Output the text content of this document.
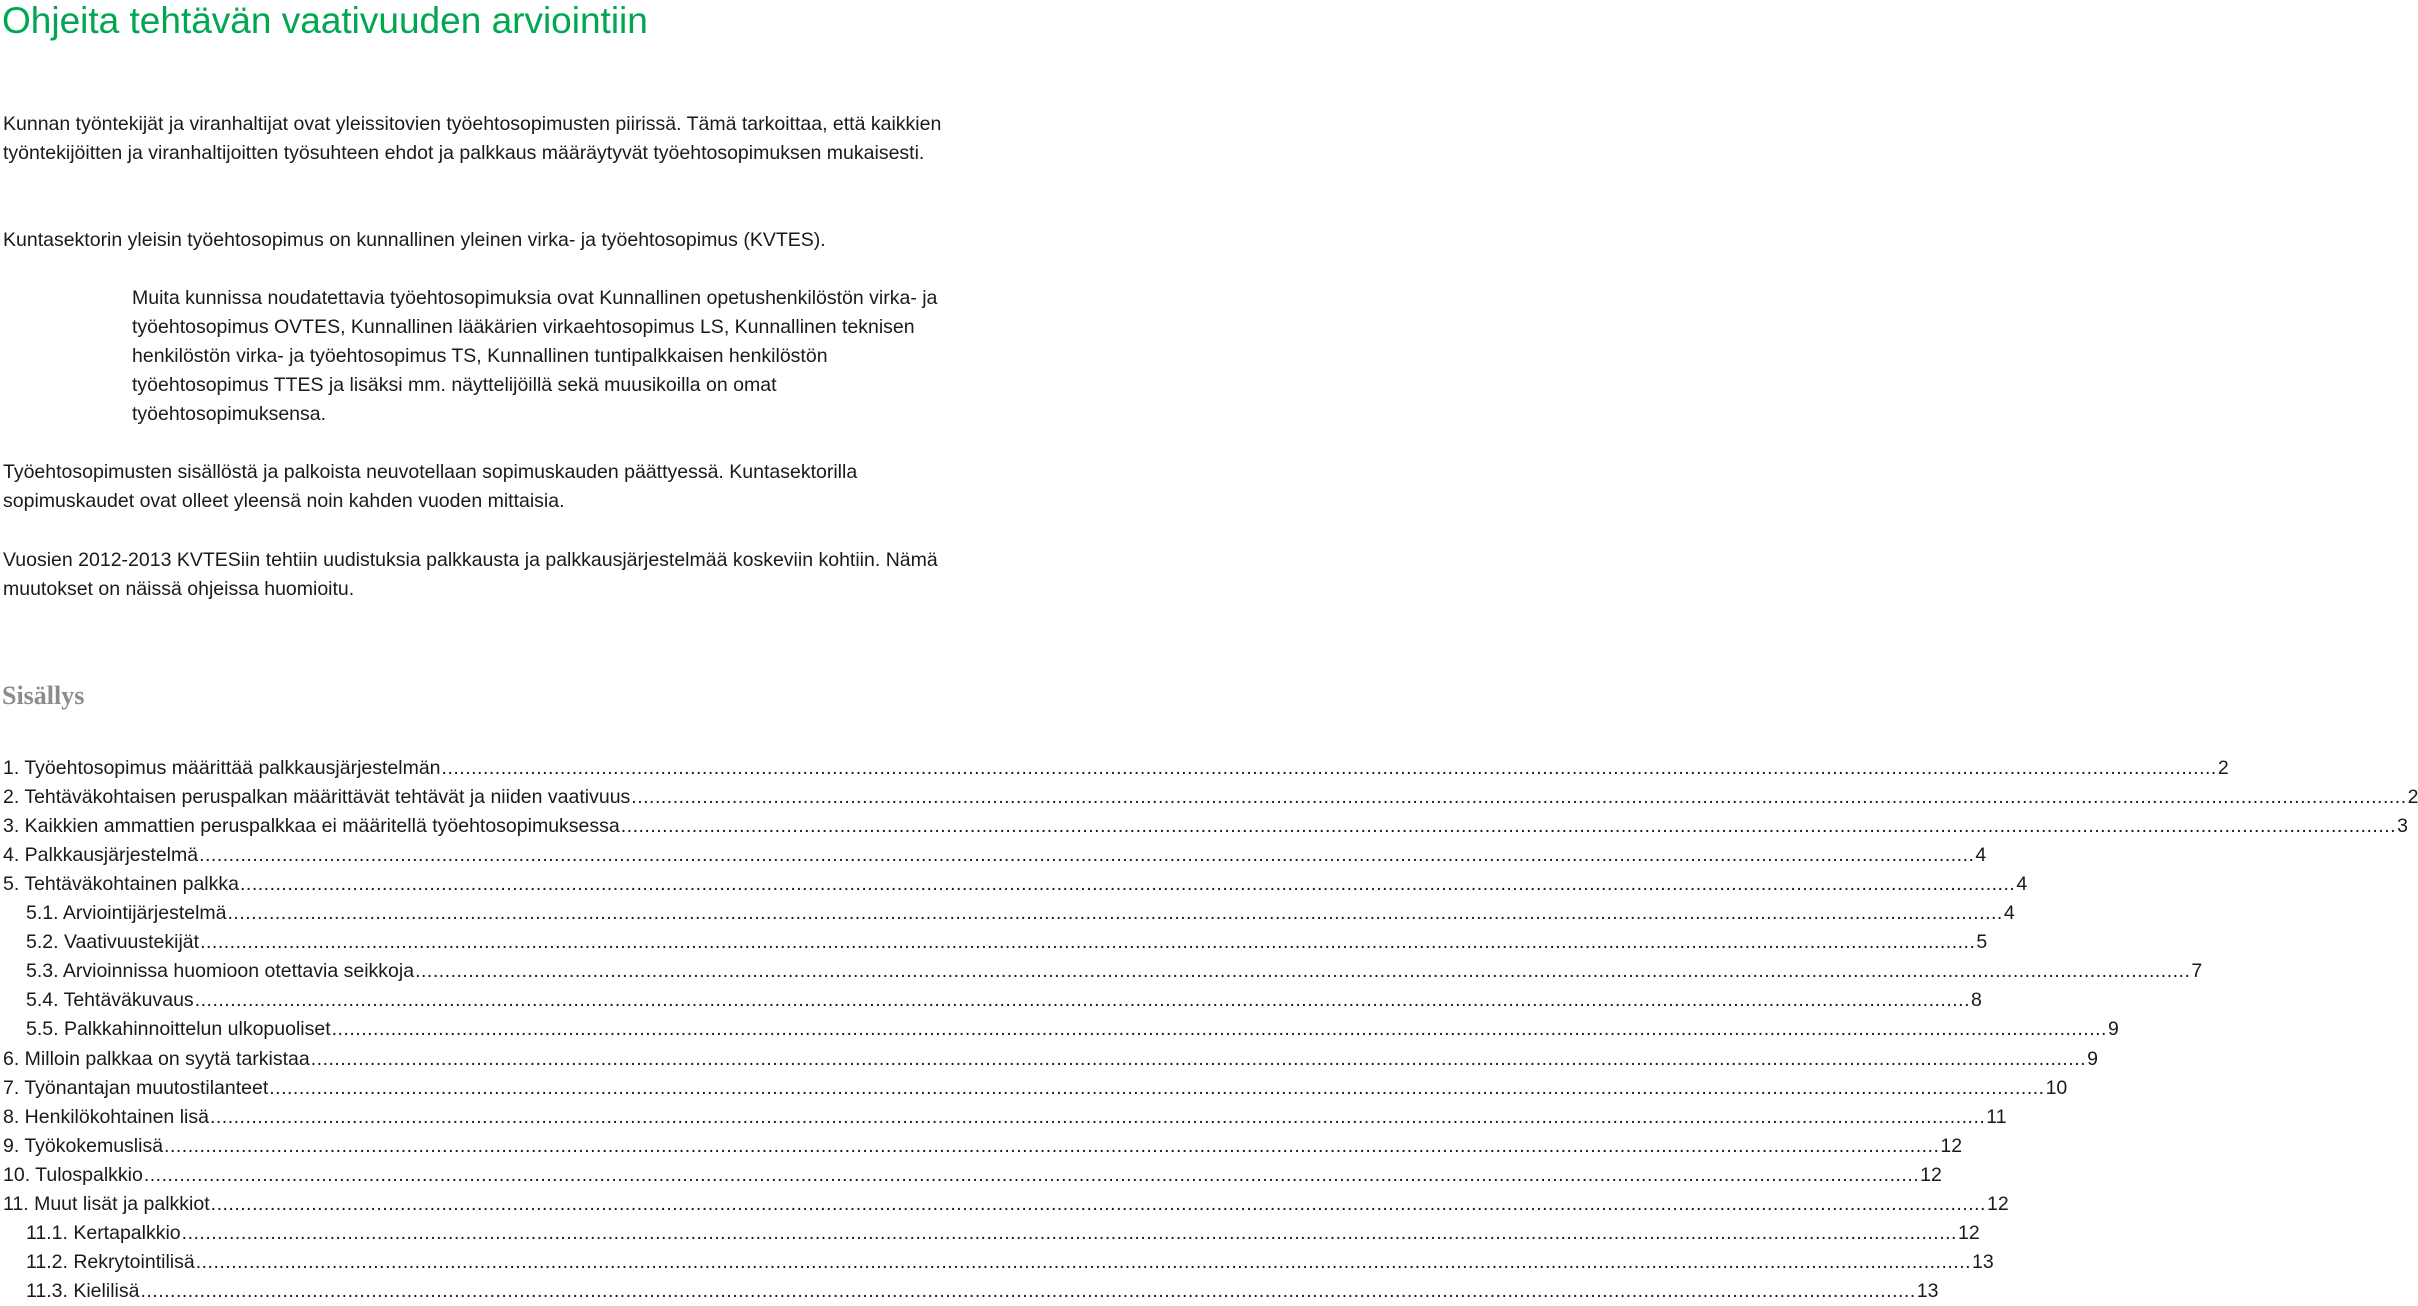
Ohjeita tehtävän vaativuuden arviointiin

Kunnan työntekijät ja viranhaltijat ovat yleissitovien työehtosopimusten piirissä. Tämä tarkoittaa, että kaikkien työntekijöitten ja viranhaltijoitten työsuhteen ehdot ja palkkaus määräytyvät työehtosopimuksen mukaisesti.

Kuntasektorin yleisin työehtosopimus on kunnallinen yleinen virka- ja työehtosopimus (KVTES).

Muita kunnissa noudatettavia työehtosopimuksia ovat Kunnallinen opetushenkilöstön virka- ja työehtosopimus OVTES, Kunnallinen lääkärien virkaehtosopimus LS, Kunnallinen teknisen henkilöstön virka- ja työehtosopimus TS, Kunnallinen tuntipalkkaisen henkilöstön työehtosopimus TTES ja lisäksi mm. näyttelijöillä sekä muusikoilla on omat työehtosopimuksensa.

Työehtosopimusten sisällöstä ja palkoista neuvotellaan sopimuskauden päättyessä. Kuntasektorilla sopimuskaudet ovat olleet yleensä noin kahden vuoden mittaisia.

Vuosien 2012-2013 KVTESiin tehtiin uudistuksia palkkausta ja palkkausjärjestelmää koskeviin kohtiin. Nämä muutokset on näissä ohjeissa huomioitu.

Sisällys
1. Työehtosopimus määrittää palkkausjärjestelmän ............................................................................................................................................................................................................................................................................................................ 2
2. Tehtäväkohtaisen peruspalkan määrittävät tehtävät ja niiden vaativuus ............................................................................................................................................................................................................................................................................................................ 2
3. Kaikkien ammattien peruspalkkaa ei määritellä työehtosopimuksessa ............................................................................................................................................................................................................................................................................................................ 3
4. Palkkausjärjestelmä ............................................................................................................................................................................................................................................................................................................ 4
5. Tehtäväkohtainen palkka ............................................................................................................................................................................................................................................................................................................ 4
5.1. Arviointijärjestelmä ............................................................................................................................................................................................................................................................................................................ 4
5.2. Vaativuustekijät ............................................................................................................................................................................................................................................................................................................ 5
5.3. Arvioinnissa huomioon otettavia seikkoja ............................................................................................................................................................................................................................................................................................................ 7
5.4. Tehtäväkuvaus ............................................................................................................................................................................................................................................................................................................ 8
5.5. Palkkahinnoittelun ulkopuoliset ............................................................................................................................................................................................................................................................................................................ 9
6. Milloin palkkaa on syytä tarkistaa ............................................................................................................................................................................................................................................................................................................ 9
7. Työnantajan muutostilanteet ............................................................................................................................................................................................................................................................................................................ 10
8. Henkilökohtainen lisä ............................................................................................................................................................................................................................................................................................................ 11
9. Työkokemuslisä ............................................................................................................................................................................................................................................................................................................ 12
10. Tulospalkkio ............................................................................................................................................................................................................................................................................................................ 12
11. Muut lisät ja palkkiot ............................................................................................................................................................................................................................................................................................................ 12
11.1. Kertapalkkio ............................................................................................................................................................................................................................................................................................................ 12
11.2. Rekrytointilisä ............................................................................................................................................................................................................................................................................................................ 13
11.3. Kielilisä ............................................................................................................................................................................................................................................................................................................ 13
